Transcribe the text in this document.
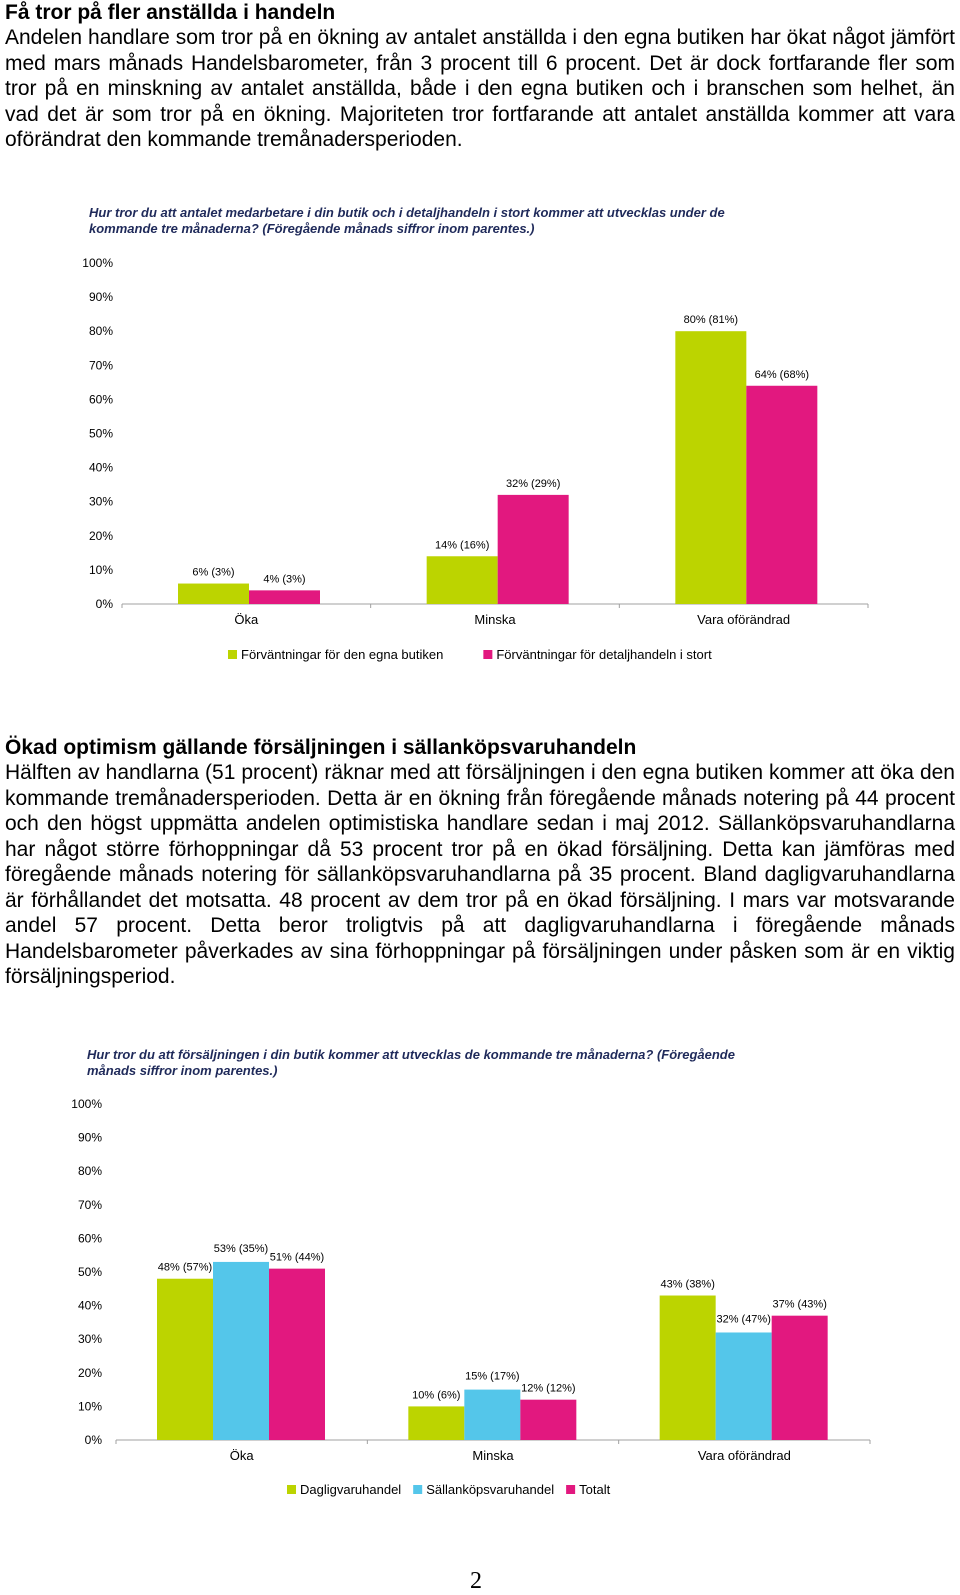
Få tror på fler anställda i handeln

Andelen handlare som tror på en ökning av antalet anställda i den egna butiken har ökat något jämfört med mars månads Handelsbarometer, från 3 procent till 6 procent. Det är dock fortfarande fler som tror på en minskning av antalet anställda, både i den egna butiken och i branschen som helhet, än vad det är som tror på en ökning. Majoriteten tror fortfarande att antalet anställda kommer att vara oförändrat den kommande tremånadersperioden.

Hur tror du att antalet medarbetare i din butik och i detaljhandeln i stort kommer att utvecklas under de kommande tre månaderna? (Föregående månads siffror inom parentes.)

0%
10%
20%
30%
40%
50%
60%
70%
80%
90%
100%
6% (3%)
4% (3%)
Öka
14% (16%)
32% (29%)
Minska
80% (81%)
64% (68%)
Vara oförändrad
Förväntningar för den egna butiken	Förväntningar för detaljhandeln i stort
Ökad optimism gällande försäljningen i sällanköpsvaruhandeln

Hälften av handlarna (51 procent) räknar med att försäljningen i den egna butiken kommer att öka den kommande tremånadersperioden. Detta är en ökning från föregående månads notering på 44 procent och den högst uppmätta andelen optimistiska handlare sedan i maj 2012. Sällanköpsvaruhandlarna har något större förhoppningar då 53 procent tror på en ökad försäljning. Detta kan jämföras med föregående månads notering för sällanköpsvaruhandlarna på 35 procent. Bland dagligvaruhandlarna är förhållandet det motsatta. 48 procent av dem tror på en ökad försäljning. I mars var motsvarande andel 57 procent. Detta beror troligtvis på att dagligvaruhandlarna i föregående månads Handelsbarometer påverkades av sina förhoppningar på försäljningen under påsken som är en viktig försäljningsperiod.

Hur tror du att försäljningen i din butik kommer att utvecklas de kommande tre månaderna? (Föregående månads siffror inom parentes.)

0%
10%
20%
30%
40%
50%
60%
70%
80%
90%
100%
48% (57%)
53% (35%)
51% (44%)
Öka
10% (6%)
15% (17%)
12% (12%)
Minska
43% (38%)
32% (47%)
37% (43%)
Vara oförändrad
Dagligvaruhandel Sällanköpsvaruhandel Totalt
2
